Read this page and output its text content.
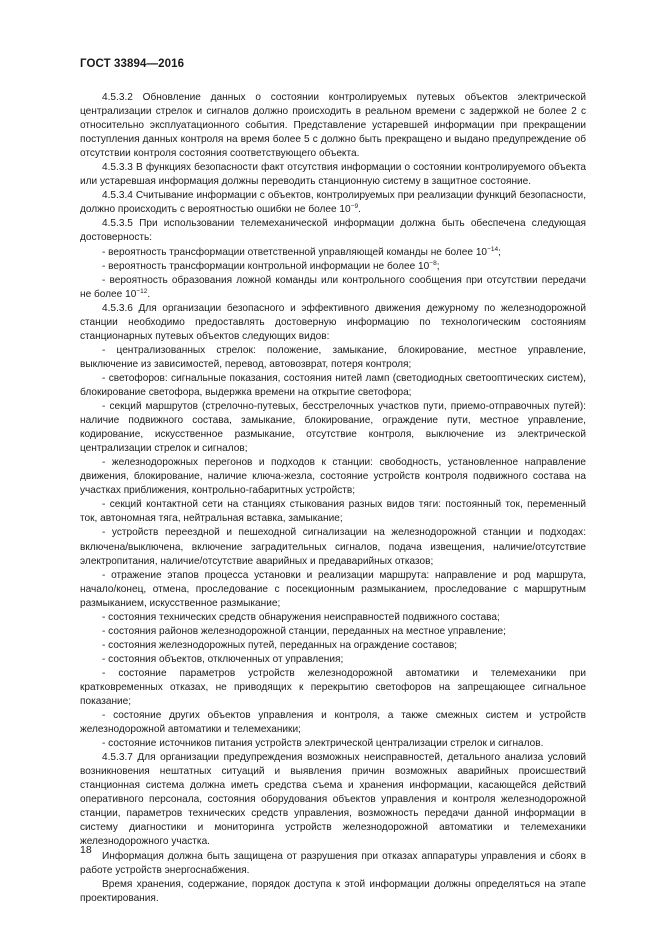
ГОСТ 33894—2016

4.5.3.2 Обновление данных о состоянии контролируемых путевых объектов электрической централизации стрелок и сигналов должно происходить в реальном времени с задержкой не более 2 с относительно эксплуатационного события. Представление устаревшей информации при прекращении поступления данных контроля на время более 5 с должно быть прекращено и выдано предупреждение об отсутствии контроля состояния соответствующего объекта.

4.5.3.3 В функциях безопасности факт отсутствия информации о состоянии контролируемого объекта или устаревшая информация должны переводить станционную систему в защитное состояние.

4.5.3.4 Считывание информации с объектов, контролируемых при реализации функций безопасности, должно происходить с вероятностью ошибки не более $10^{-9}$.

4.5.3.5 При использовании телемеханической информации должна быть обеспечена следующая достоверность:

- вероятность трансформации ответственной управляющей команды не более $10^{-14}$;

- вероятность трансформации контрольной информации не более $10^{-8}$;

- вероятность образования ложной команды или контрольного сообщения при отсутствии передачи не более $10^{-12}$.

4.5.3.6 Для организации безопасного и эффективного движения дежурному по железнодорожной станции необходимо предоставлять достоверную информацию по технологическим состояниям станционарных путевых объектов следующих видов:

- централизованных стрелок: положение, замыкание, блокирование, местное управление, выключение из зависимостей, перевод, автовозврат, потеря контроля;

- светофоров: сигнальные показания, состояния нитей ламп (светодиодных светооптических систем), блокирование светофора, выдержка времени на открытие светофора;

- секций маршрутов (стрелочно-путевых, бесстрелочных участков пути, приемо-отправочных путей): наличие подвижного состава, замыкание, блокирование, ограждение пути, местное управление, кодирование, искусственное размыкание, отсутствие контроля, выключение из электрической централизации стрелок и сигналов;

- железнодорожных перегонов и подходов к станции: свободность, установленное направление движения, блокирование, наличие ключа-жезла, состояние устройств контроля подвижного состава на участках приближения, контрольно-габаритных устройств;

- секций контактной сети на станциях стыкования разных видов тяги: постоянный ток, переменный ток, автономная тяга, нейтральная вставка, замыкание;

- устройств переездной и пешеходной сигнализации на железнодорожной станции и подходах: включена/выключена, включение заградительных сигналов, подача извещения, наличие/отсутствие электропитания, наличие/отсутствие аварийных и предаварийных отказов;

- отражение этапов процесса установки и реализации маршрута: направление и род маршрута, начало/конец, отмена, проследование с посекционным размыканием, проследование с маршрутным размыканием, искусственное размыкание;

- состояния технических средств обнаружения неисправностей подвижного состава;

- состояния районов железнодорожной станции, переданных на местное управление;

- состояния железнодорожных путей, переданных на ограждение составов;

- состояния объектов, отключенных от управления;

- состояние параметров устройств железнодорожной автоматики и телемеханики при кратковременных отказах, не приводящих к перекрытию светофоров на запрещающее сигнальное показание;

- состояние других объектов управления и контроля, а также смежных систем и устройств железнодорожной автоматики и телемеханики;

- состояние источников питания устройств электрической централизации стрелок и сигналов.

4.5.3.7 Для организации предупреждения возможных неисправностей, детального анализа условий возникновения нештатных ситуаций и выявления причин возможных аварийных происшествий станционная система должна иметь средства съема и хранения информации, касающейся действий оперативного персонала, состояния оборудования объектов управления и контроля железнодорожной станции, параметров технических средств управления, возможность передачи данной информации в систему диагностики и мониторинга устройств железнодорожной автоматики и телемеханики железнодорожного участка.

Информация должна быть защищена от разрушения при отказах аппаратуры управления и сбоях в работе устройств энергоснабжения.

Время хранения, содержание, порядок доступа к этой информации должны определяться на этапе проектирования.

18
